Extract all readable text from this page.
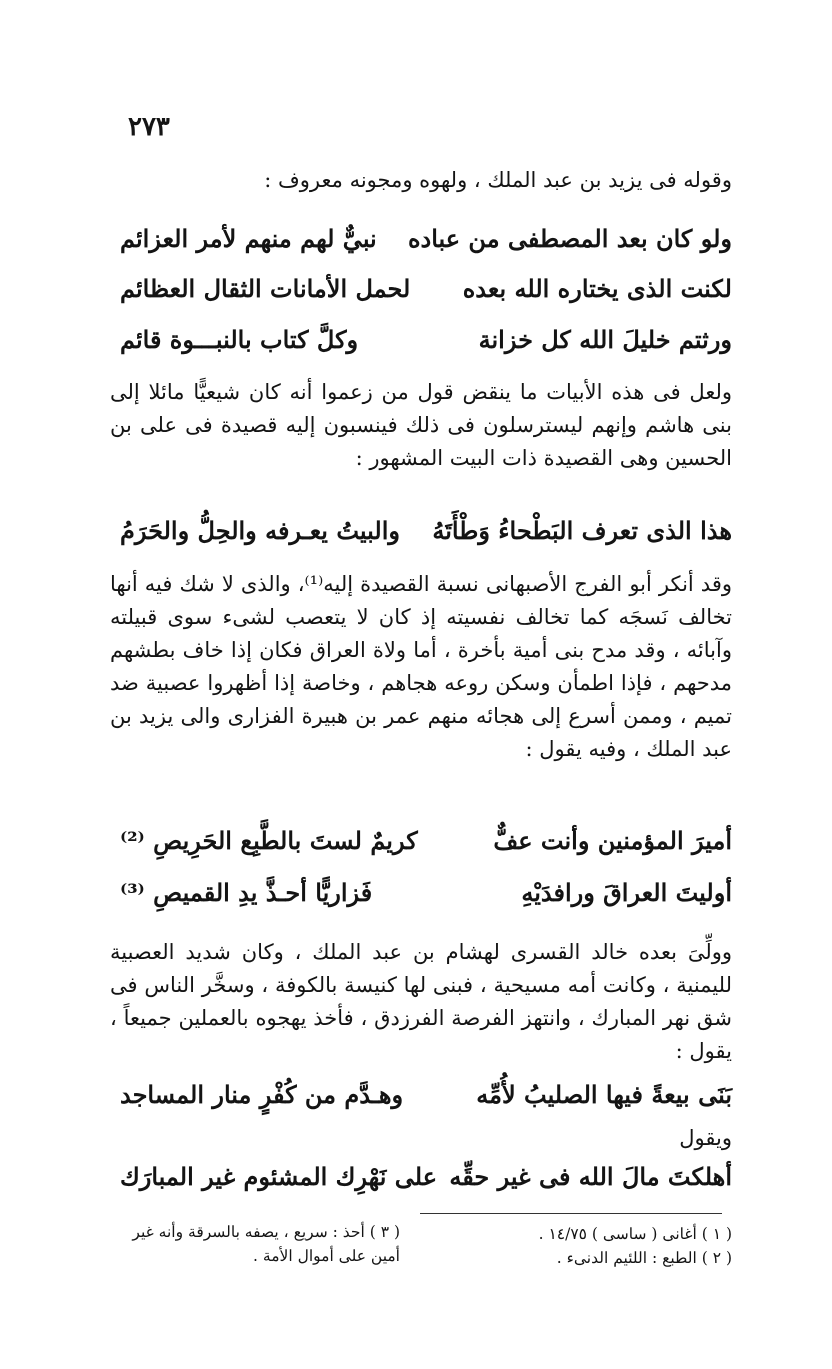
٢٧٣
وقوله فى يزيد بن عبد الملك ، ولهوه ومجونه معروف :
ولو كان بعد المصطفى من عباده
نبيٌّ لهم منهم لأمر العزائم
لكنت الذى يختاره الله بعده
لحمل الأمانات الثقال العظائم
ورثتم خليلَ الله كل خزانة
وكلَّ كتاب بالنبـــوة قائم

ولعل فى هذه الأبيات ما ينقض قول من زعموا أنه كان شيعيًّا مائلا إلى بنى هاشم وإنهم ليسترسلون فى ذلك فينسبون إليه قصيدة فى على بن الحسين وهى القصيدة ذات البيت المشهور :

هذا الذى تعرف البَطْحاءُ وَطْأَتَهُ
والبيتُ يعـرفه والحِلُّ والحَرَمُ

وقد أنكر أبو الفرج الأصبهانى نسبة القصيدة إليه⁽¹⁾، والذى لا شك فيه أنها تخالف نَسجَه كما تخالف نفسيته إذ كان لا يتعصب لشىء سوى قبيلته وآبائه ، وقد مدح بنى أمية بأخرة ، أما ولاة العراق فكان إذا خاف بطشهم مدحهم ، فإذا اطمأن وسكن روعه هجاهم ، وخاصة إذا أظهروا عصبية ضد تميم ، وممن أسرع إلى هجائه منهم عمر بن هبيرة الفزارى والى يزيد بن عبد الملك ، وفيه يقول :

أميرَ المؤمنين وأنت عفٌّ
كريمٌ لستَ بالطَّبِع الحَرِيصِ ⁽²⁾
أوليتَ العراقَ ورافدَيْهِ
فَزاريًّا أحـذَّ يدِ القميصِ ⁽³⁾

وولِّىَ بعده خالد القسرى لهشام بن عبد الملك ، وكان شديد العصبية لليمنية ، وكانت أمه مسيحية ، فبنى لها كنيسة بالكوفة ، وسخَّر الناس فى شق نهر المبارك ، وانتهز الفرصة الفرزدق ، فأخذ يهجوه بالعملين جميعاً ، يقول :

بَنَى بيعةً فيها الصليبُ لأُمِّه
وهـدَّم من كُفْرٍ منار المساجد
ويقول
أهلكتَ مالَ الله فى غير حقِّه
على نَهْرِك المشئوم غير المبارَك
( ١ ) أغانى ( ساسى ) ١٤/٧٥ .
( ٢ ) الطبع : اللئيم الدنىء .
( ٣ ) أحذ : سريع ، يصفه بالسرقة وأنه غير أمين على أموال الأمة .
